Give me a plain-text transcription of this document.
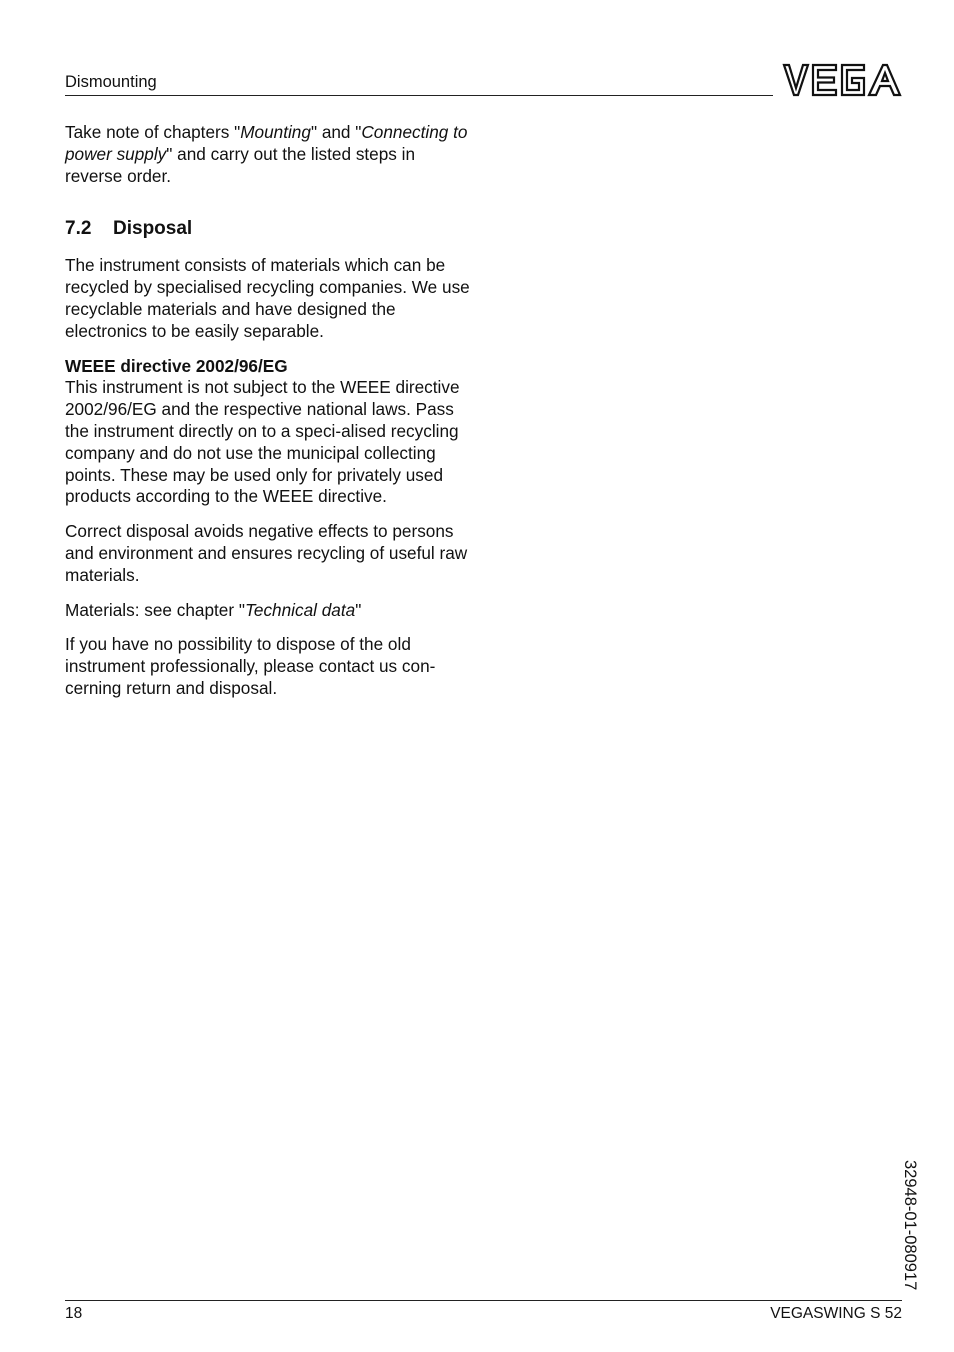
Dismounting

Take note of chapters "Mounting" and "Connecting to power supply" and carry out the listed steps in reverse order.

7.2 Disposal

The instrument consists of materials which can be recycled by specialised recycling companies. We use recyclable materials and have designed the electronics to be easily separable.

WEEE directive 2002/96/EG

This instrument is not subject to the WEEE directive 2002/96/EG and the respective national laws. Pass the instrument directly on to a speci-alised recycling company and do not use the municipal collecting points. These may be used only for privately used products according to the WEEE directive.

Correct disposal avoids negative effects to persons and environment and ensures recycling of useful raw materials.

Materials: see chapter "Technical data"

If you have no possibility to dispose of the old instrument professionally, please contact us con-cerning return and disposal.

32948-01-080917
18	VEGASWING S 52
